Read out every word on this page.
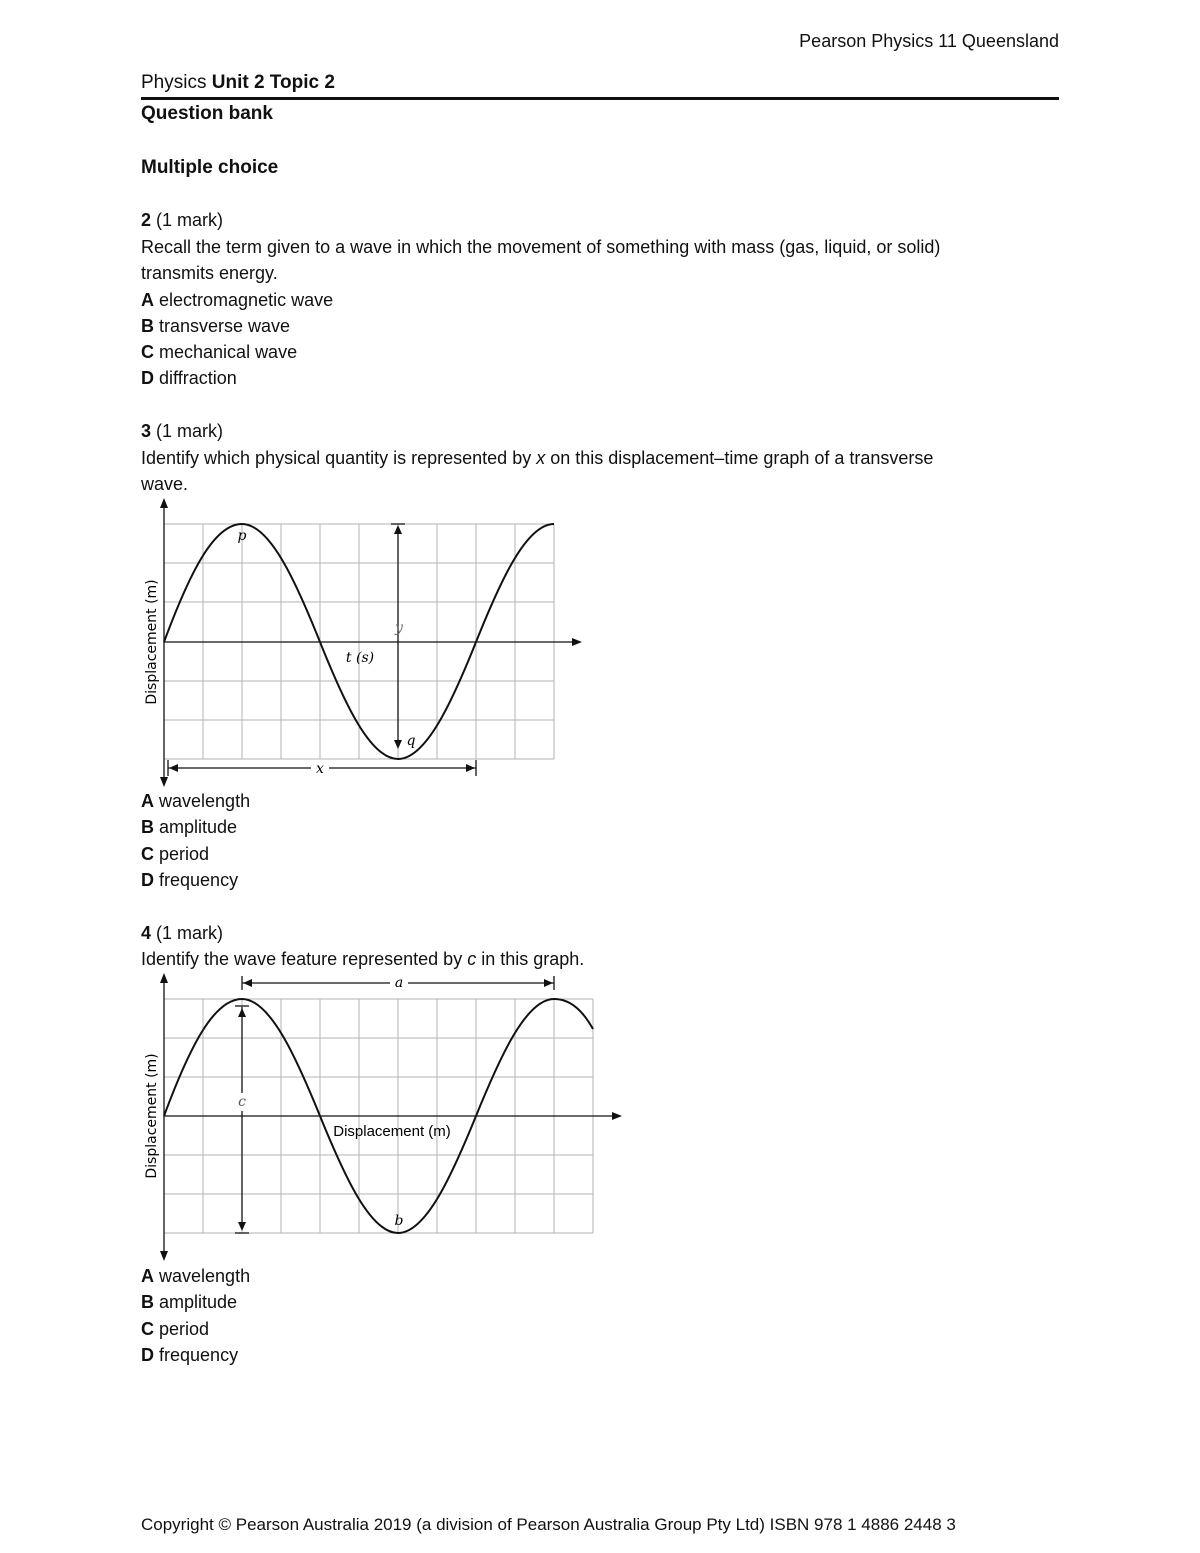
Pearson Physics 11 Queensland
Physics Unit 2 Topic 2
Question bank
Multiple choice
2 (1 mark)
Recall the term given to a wave in which the movement of something with mass (gas, liquid, or solid)
transmits energy.
A electromagnetic wave
B transverse wave
C mechanical wave
D diffraction
3 (1 mark)
Identify which physical quantity is represented by x on this displacement–time graph of a transverse
wave.
x
p
q
y
t (s)
Displacement (m)
A wavelength
B amplitude
C period
D frequency
4 (1 mark)
Identify the wave feature represented by c in this graph.
a
c
b
Displacement (m)
Displacement (m)
A wavelength
B amplitude
C period
D frequency
Copyright © Pearson Australia 2019 (a division of Pearson Australia Group Pty Ltd) ISBN 978 1 4886 2448 3
